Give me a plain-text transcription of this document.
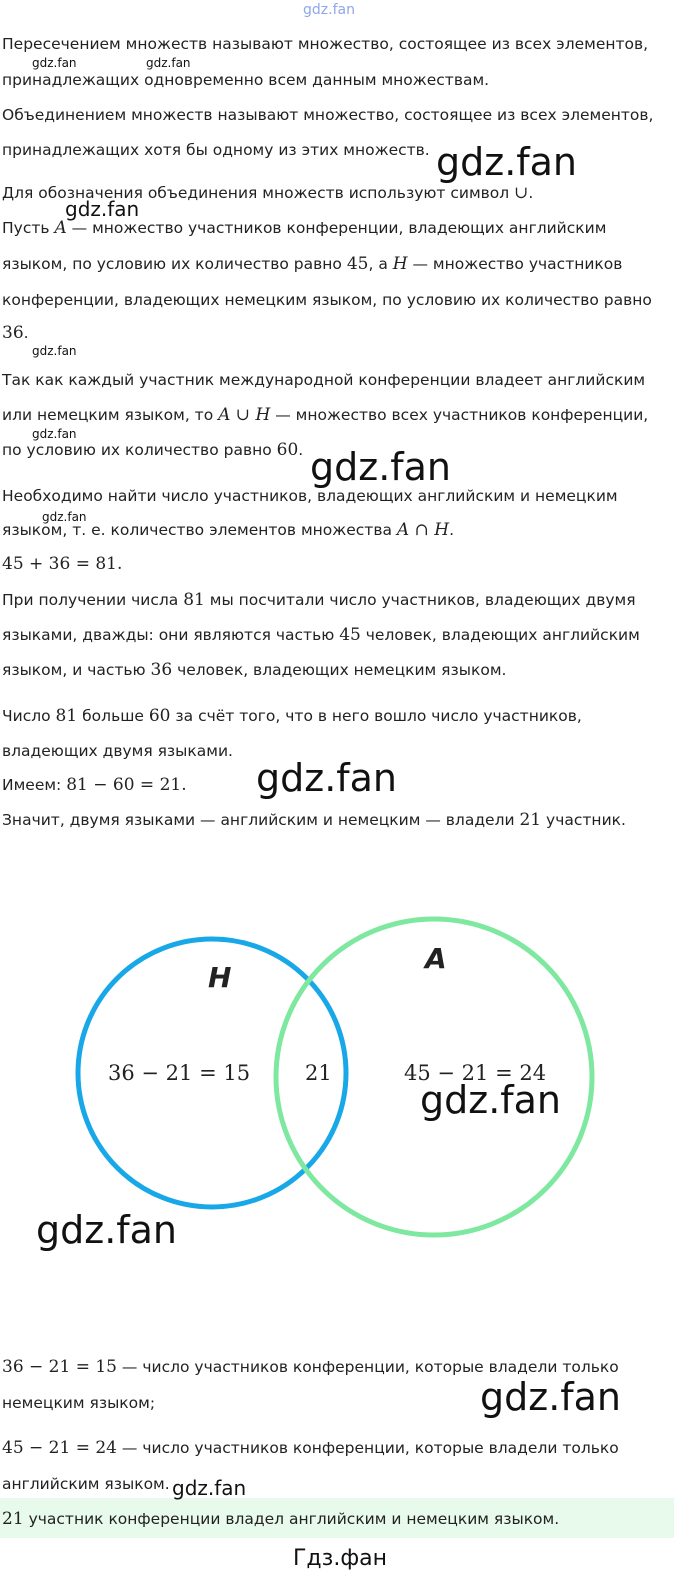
gdz.fan
Пересечением множеств называют множество, состоящее из всех элементов,
принадлежащих одновременно всем данным множествам.
Объединением множеств называют множество, состоящее из всех элементов,
принадлежащих хотя бы одному из этих множеств.
Для обозначения объединения множеств используют символ ∪.
Пусть A — множество участников конференции, владеющих английским
языком, по условию их количество равно 45, а H — множество участников
конференции, владеющих немецким языком, по условию их количество равно
36.
Так как каждый участник международной конференции владеет английским
или немецким языком, то A ∪ H — множество всех участников конференции,
по условию их количество равно 60.
Необходимо найти число участников, владеющих английским и немецким
языком, т. е. количество элементов множества A ∩ H.
45 + 36 = 81.
При получении числа 81 мы посчитали число участников, владеющих двумя
языками, дважды: они являются частью 45 человек, владеющих английским
языком, и частью 36 человек, владеющих немецким языком.
Число 81 больше 60 за счёт того, что в него вошло число участников,
владеющих двумя языками.
Имеем: 81 − 60 = 21.
Значит, двумя языками — английским и немецким — владели 21 участник.
H
A
36 − 21 = 15	21	45 − 21 = 24
36 − 21 = 15 — число участников конференции, которые владели только
немецким языком;
45 − 21 = 24 — число участников конференции, которые владели только
английским языком.
21 участник конференции владел английским и немецким языком.
gdz.fan	gdz.fan
gdz.fan
gdz.fan
gdz.fan
gdz.fan
gdz.fan
gdz.fan
gdz.fan
gdz.fan
gdz.fan
gdz.fan
gdz.fan
Гдз.фан
